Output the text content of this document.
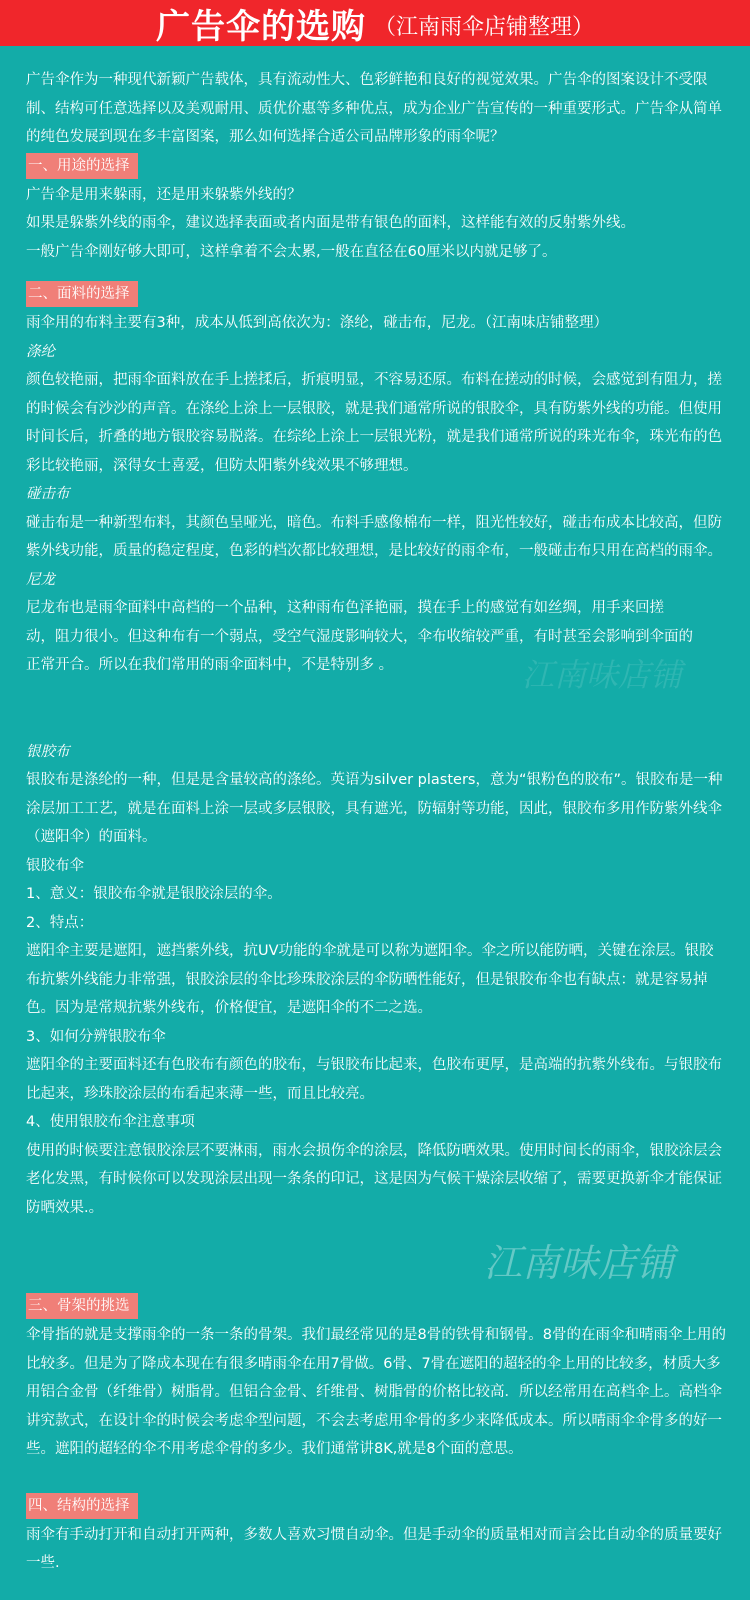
广告伞的选购 （江南雨伞店铺整理）

广告伞作为一种现代新颖广告载体，具有流动性大、色彩鲜艳和良好的视觉效果。广告伞的图案设计不受限制、结构可任意选择以及美观耐用、质优价惠等多种优点，成为企业广告宣传的一种重要形式。广告伞从简单的纯色发展到现在多丰富图案，那么如何选择合适公司品牌形象的雨伞呢？

一、用途的选择

广告伞是用来躲雨，还是用来躲紫外线的？

如果是躲紫外线的雨伞，建议选择表面或者内面是带有银色的面料，这样能有效的反射紫外线。

一般广告伞刚好够大即可，这样拿着不会太累,一般在直径在60厘米以内就足够了。

二、面料的选择

雨伞用的布料主要有3种，成本从低到高依次为：涤纶，碰击布，尼龙。（江南味店铺整理）

涤纶

颜色较艳丽，把雨伞面料放在手上搓揉后，折痕明显，不容易还原。布料在搓动的时候，会感觉到有阻力，搓的时候会有沙沙的声音。在涤纶上涂上一层银胶，就是我们通常所说的银胶伞，具有防紫外线的功能。但使用时间长后，折叠的地方银胶容易脱落。在综纶上涂上一层银光粉，就是我们通常所说的珠光布伞，珠光布的色彩比较艳丽，深得女士喜爱，但防太阳紫外线效果不够理想。

碰击布

碰击布是一种新型布料，其颜色呈哑光，暗色。布料手感像棉布一样，阻光性较好，碰击布成本比较高，但防紫外线功能，质量的稳定程度，色彩的档次都比较理想，是比较好的雨伞布，一般碰击布只用在高档的雨伞。

尼龙

尼龙布也是雨伞面料中高档的一个品种，这种雨布色泽艳丽，摸在手上的感觉有如丝绸，用手来回搓

动，阻力很小。但这种布有一个弱点，受空气湿度影响较大，伞布收缩较严重，有时甚至会影响到伞面的

正常开合。所以在我们常用的雨伞面料中，不是特别多 。

银胶布

银胶布是涤纶的一种，但是是含量较高的涤纶。英语为silver plasters，意为“银粉色的胶布”。银胶布是一种涂层加工工艺，就是在面料上涂一层或多层银胶，具有遮光，防辐射等功能，因此，银胶布多用作防紫外线伞（遮阳伞）的面料。

银胶布伞

1、意义：银胶布伞就是银胶涂层的伞。

2、特点：

遮阳伞主要是遮阳，遮挡紫外线，抗UV功能的伞就是可以称为遮阳伞。伞之所以能防晒，关键在涂层。银胶布抗紫外线能力非常强，银胶涂层的伞比珍珠胶涂层的伞防晒性能好，但是银胶布伞也有缺点：就是容易掉色。因为是常规抗紫外线布，价格便宜，是遮阳伞的不二之选。

3、如何分辨银胶布伞

遮阳伞的主要面料还有色胶布有颜色的胶布，与银胶布比起来，色胶布更厚，是高端的抗紫外线布。与银胶布比起来，珍珠胶涂层的布看起来薄一些，而且比较亮。

4、使用银胶布伞注意事项

使用的时候要注意银胶涂层不要淋雨，雨水会损伤伞的涂层，降低防晒效果。使用时间长的雨伞，银胶涂层会老化发黑，有时候你可以发现涂层出现一条条的印记，这是因为气候干燥涂层收缩了，需要更换新伞才能保证防晒效果.。

三、骨架的挑选

伞骨指的就是支撑雨伞的一条一条的骨架。我们最经常见的是8骨的铁骨和钢骨。8骨的在雨伞和晴雨伞上用的比较多。但是为了降成本现在有很多晴雨伞在用7骨做。6骨、7骨在遮阳的超轻的伞上用的比较多，材质大多用铝合金骨（纤维骨）树脂骨。但铝合金骨、纤维骨、树脂骨的价格比较高．所以经常用在高档伞上。高档伞讲究款式，在设计伞的时候会考虑伞型问题，不会去考虑用伞骨的多少来降低成本。所以晴雨伞伞骨多的好一些。遮阳的超轻的伞不用考虑伞骨的多少。我们通常讲8K,就是8个面的意思。

四、结构的选择

雨伞有手动打开和自动打开两种，多数人喜欢习惯自动伞。但是手动伞的质量相对而言会比自动伞的质量要好一些.

江南味店铺
江南味店铺
